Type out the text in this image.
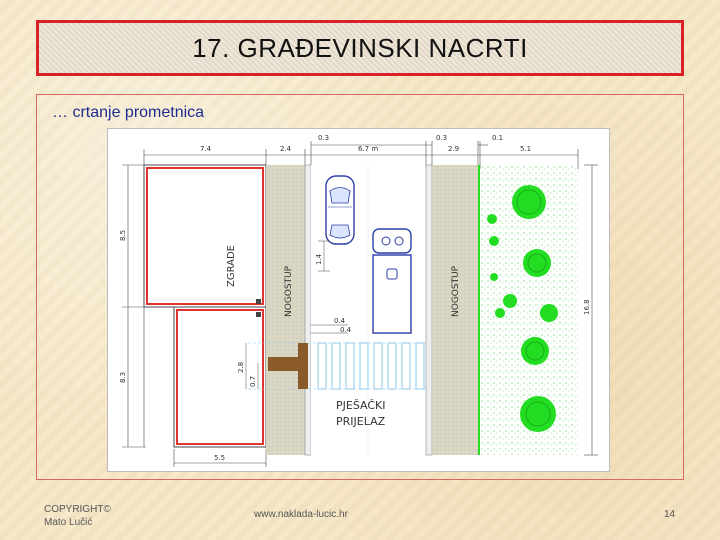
17. GRAĐEVINSKI NACRTI
… crtanje prometnica
7.4	2.4
0.3
6.7 m
0.3
2.9
0.1
5.1
8.5
8.3
16.8
ZGRADE
5.5
NOGOSTUP
1.4
0.4
0.4
2.8
0.7
PJEŠAČKI
PRIJELAZ
NOGOSTUP
COPYRIGHT©
Mato Lučić
www.naklada-lucic.hr	14
